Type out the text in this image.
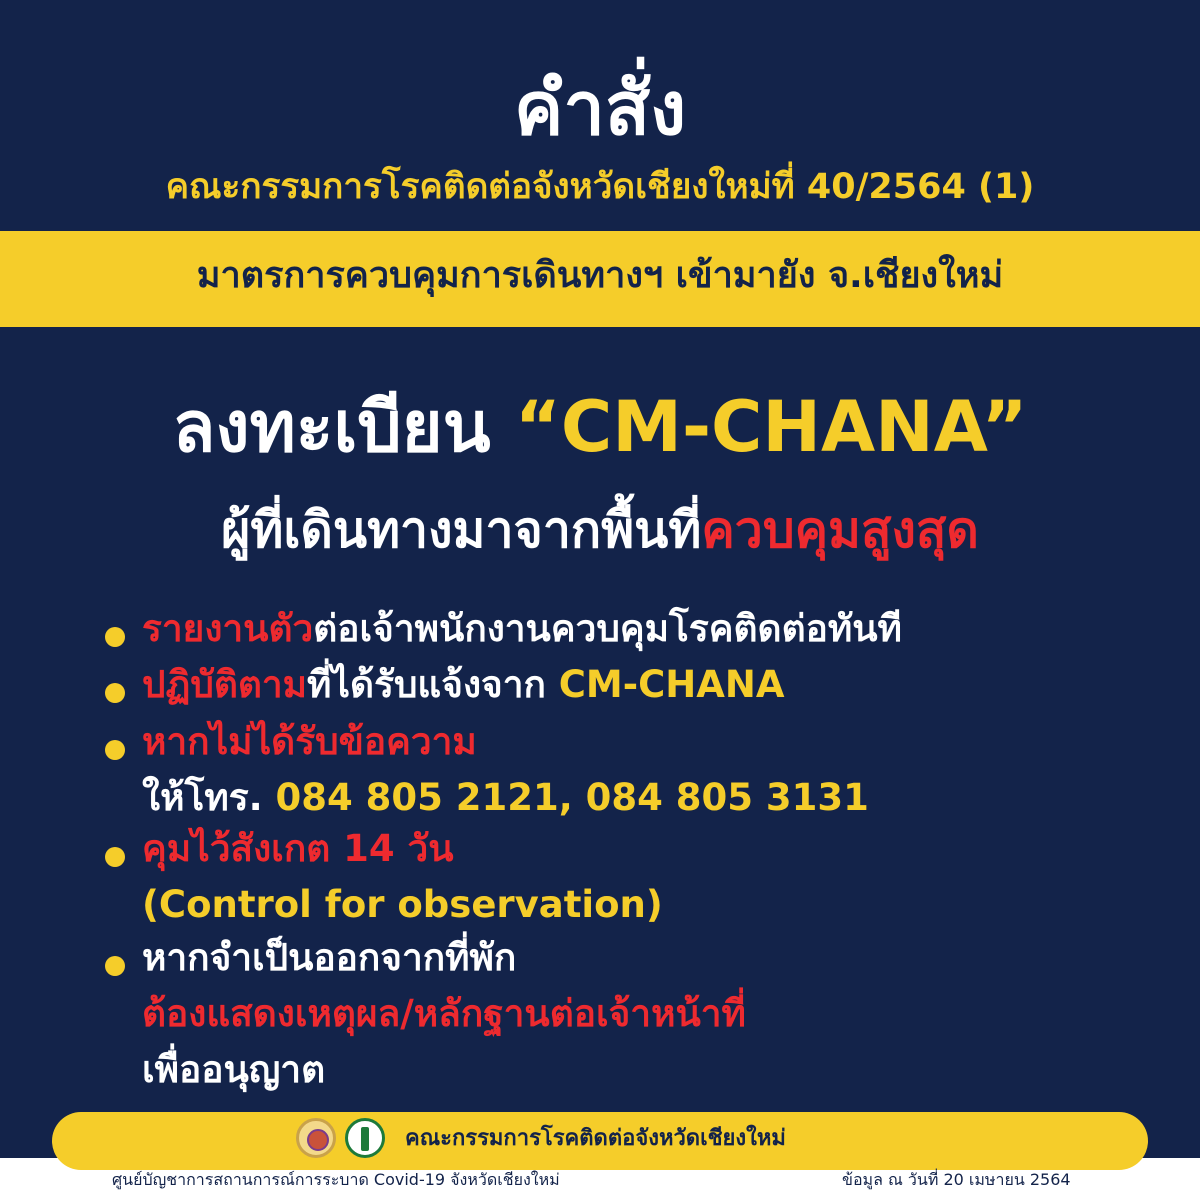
คำสั่ง
คณะกรรมการโรคติดต่อจังหวัดเชียงใหม่ที่ 40/2564 (1)
มาตรการควบคุมการเดินทางฯ เข้ามายัง จ.เชียงใหม่
ลงทะเบียน “CM-CHANA”
ผู้ที่เดินทางมาจากพื้นที่ควบคุมสูงสุด
รายงานตัวต่อเจ้าพนักงานควบคุมโรคติดต่อทันที
ปฏิบัติตามที่ได้รับแจ้งจาก CM-CHANA
หากไม่ได้รับข้อความ
ให้โทร. 084 805 2121, 084 805 3131
คุมไว้สังเกต 14 วัน
(Control for observation)
หากจำเป็นออกจากที่พัก
ต้องแสดงเหตุผล/หลักฐานต่อเจ้าหน้าที่
เพื่ออนุญาต
คณะกรรมการโรคติดต่อจังหวัดเชียงใหม่
ศูนย์บัญชาการสถานการณ์การระบาด Covid-19 จังหวัดเชียงใหม่	ข้อมูล ณ วันที่ 20 เมษายน 2564
